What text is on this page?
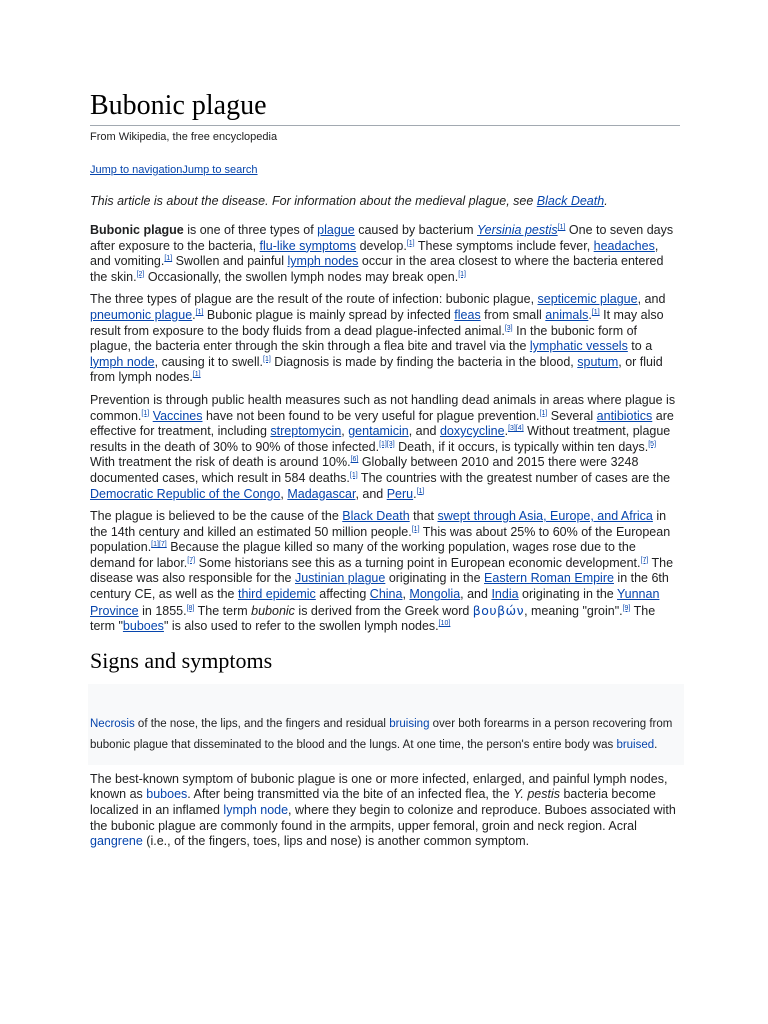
Bubonic plague
From Wikipedia, the free encyclopedia
Jump to navigationJump to search
This article is about the disease. For information about the medieval plague, see Black Death.

Bubonic plague is one of three types of plague caused by bacterium Yersinia pestis[1] One to seven days after exposure to the bacteria, flu-like symptoms develop.[1] These symptoms include fever, headaches, and vomiting.[1] Swollen and painful lymph nodes occur in the area closest to where the bacteria entered the skin.[2] Occasionally, the swollen lymph nodes may break open.[1]

The three types of plague are the result of the route of infection: bubonic plague, septicemic plague, and pneumonic plague.[1] Bubonic plague is mainly spread by infected fleas from small animals.[1] It may also result from exposure to the body fluids from a dead plague-infected animal.[3] In the bubonic form of plague, the bacteria enter through the skin through a flea bite and travel via the lymphatic vessels to a lymph node, causing it to swell.[1] Diagnosis is made by finding the bacteria in the blood, sputum, or fluid from lymph nodes.[1]

Prevention is through public health measures such as not handling dead animals in areas where plague is common.[1] Vaccines have not been found to be very useful for plague prevention.[1] Several antibiotics are effective for treatment, including streptomycin, gentamicin, and doxycycline.[3][4] Without treatment, plague results in the death of 30% to 90% of those infected.[1][3] Death, if it occurs, is typically within ten days.[5] With treatment the risk of death is around 10%.[6] Globally between 2010 and 2015 there were 3248 documented cases, which result in 584 deaths.[1] The countries with the greatest number of cases are the Democratic Republic of the Congo, Madagascar, and Peru.[1]

The plague is believed to be the cause of the Black Death that swept through Asia, Europe, and Africa in the 14th century and killed an estimated 50 million people.[1] This was about 25% to 60% of the European population.[1][7] Because the plague killed so many of the working population, wages rose due to the demand for labor.[7] Some historians see this as a turning point in European economic development.[7] The disease was also responsible for the Justinian plague originating in the Eastern Roman Empire in the 6th century CE, as well as the third epidemic affecting China, Mongolia, and India originating in the Yunnan Province in 1855.[8] The term bubonic is derived from the Greek word βουβών, meaning "groin".[9] The term "buboes" is also used to refer to the swollen lymph nodes.[10]

Signs and symptoms
Necrosis of the nose, the lips, and the fingers and residual bruising over both forearms in a person recovering from bubonic plague that disseminated to the blood and the lungs. At one time, the person's entire body was bruised.

The best-known symptom of bubonic plague is one or more infected, enlarged, and painful lymph nodes, known as buboes. After being transmitted via the bite of an infected flea, the Y. pestis bacteria become localized in an inflamed lymph node, where they begin to colonize and reproduce. Buboes associated with the bubonic plague are commonly found in the armpits, upper femoral, groin and neck region. Acral gangrene (i.e., of the fingers, toes, lips and nose) is another common symptom.
